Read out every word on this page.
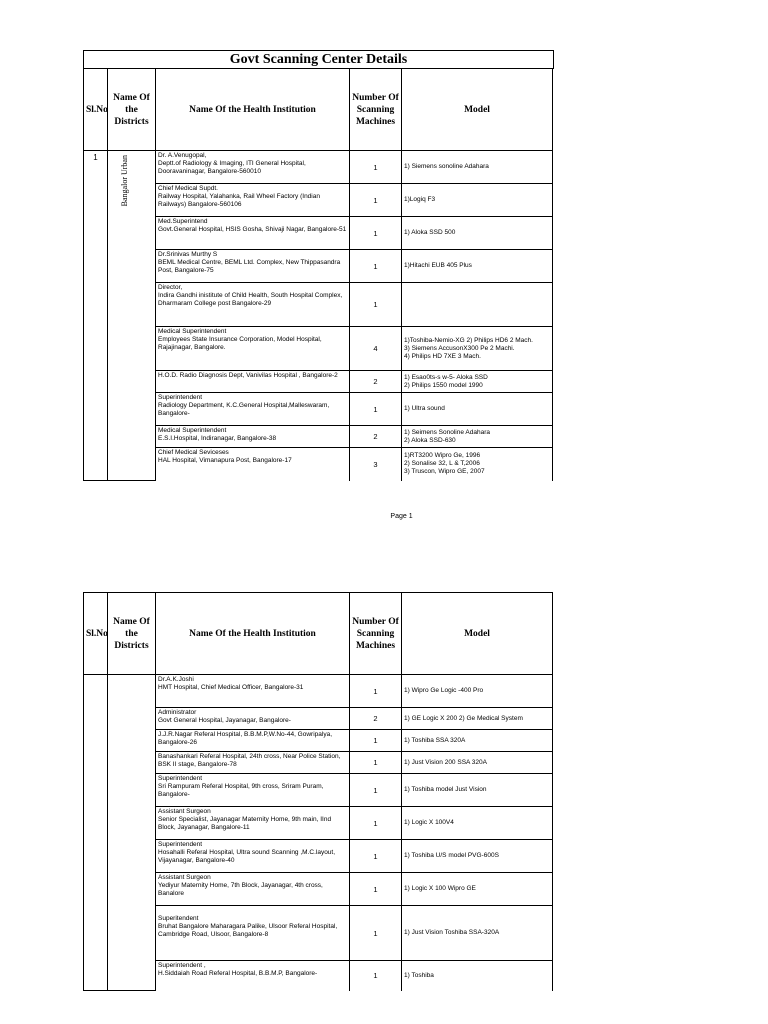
Govt Scanning Center Details
Sl.No	Name Of the Districts	Name Of the Health Institution	Number Of Scanning Machines	Model
1	Bangalor Urban	Dr. A.Venugopal,
Deptt.of Radiology & Imaging, ITI General Hospital,
Dooravaninagar, Bangalore-560010	1	1) Siemens sonoline Adahara
		Chief Medical Supdt.
Railway Hospital, Yalahanka, Rail Wheel Factory (Indian Railways) Bangalore-560106	1	1)Logiq F3
		Med.Superintend
Govt.General Hospital, HSIS Gosha, Shivaji Nagar, Bangalore-51	1	1) Aloka SSD 500
		Dr.Srinivas Murthy S
BEML Medical Centre, BEML Ltd. Complex, New Thippasandra Post, Bangalore-75	1	1)Hitachi EUB 405 Plus
		Director,
Indira Gandhi inistitute of Child Health, South Hospital Complex, Dharmaram College post Bangalore-29	1	
		Medical Superintendent
Employees State Insurance Corporation, Model Hospital, Rajajinagar, Bangalore.	4	1)Toshiba-Nemio-XG 2) Philips HD6 2 Mach.
3) Siemens AccusonX300 Pe 2 Machi.
4) Philips HD 7XE 3 Mach.
		H.O.D. Radio Diagnosis Dept, Vanivilas Hospital , Bangalore-2	2	1) Esao0ts-s w-5- Aloka SSD
2) Philips 1550 model 1990
		Superintendent
Radiology Department, K.C.General Hospital,Malleswaram, Bangalore-	1	1) Ultra sound
		Medical Superintendent
E.S.I.Hospital, Indiranagar, Bangalore-38	2	1) Seimens Sonoline Adahara
2) Aloka SSD-630
		Chief Medical Seviceses
HAL Hospital, Vimanapura Post, Bangalore-17	3	1)RT3200 Wipro Ge, 1996
2) Sonalise 32, L & T,2006
3) Truscon, Wipro GE, 2007
Page 1
Sl.No	Name Of the Districts	Name Of the Health Institution	Number Of Scanning Machines	Model
		Dr.A.K.Joshi
HMT Hospital, Chief Medical Officer, Bangalore-31	1	1) Wipro Ge Logic -400 Pro
		Administrator
Govt General Hospital, Jayanagar, Bangalore-	2	1) GE Logic X 200 2) Ge Medical System
		J.J.R.Nagar Referal Hospital, B.B.M.P,W.No-44, Gowripalya, Bangalore-26	1	1) Toshiba SSA 320A
		Banashankari Referal Hospital, 24th cross, Near Police Station, BSK II stage, Bangalore-78	1	1) Just Vision 200 SSA 320A
		Superintendent
Sri Rampuram Referal Hospital, 9th cross, Sriram Puram, Bangalore-	1	1) Toshiba model Just Vision
		Assistant Surgeon
Senior Specialist, Jayanagar Maternity Home, 9th main, IInd Block, Jayanagar, Bangalore-11	1	1) Logic X 100V4
		Superintendent
Hosahalli Referal Hospital, Ultra sound Scanning ,M.C.layout, Vijayanagar, Bangalore-40	1	1) Toshiba U/S model PVG-600S
		Assistant Surgeon
Yediyur Maternity Home, 7th Block, Jayanagar, 4th cross, Banalore	1	1) Logic X 100 Wipro GE

Superitendent
Bruhat Bangalore Maharagara Palike, Ulsoor Referal Hospital, Cambridge Road, Ulsoor, Bangalore-8	1	1) Just Vision Toshiba SSA-320A
		Superintendent ,
H.Siddaiah Road Referal Hospital, B.B.M.P, Bangalore-	1	1) Toshiba
